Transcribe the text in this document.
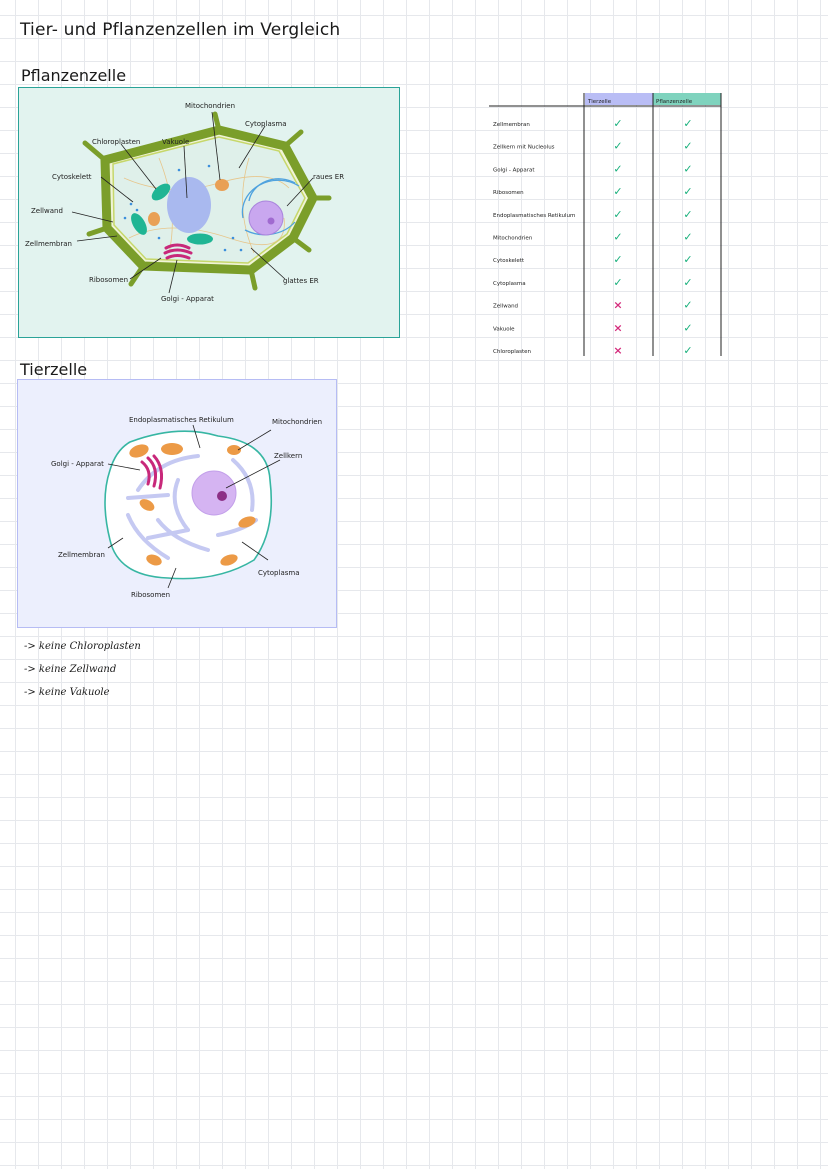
Tier- und Pflanzenzellen im Vergleich
Pflanzenzelle
Mitochondrien
Cytoplasma
Chloroplasten	Vakuole
Cytoskelett	raues ER
Zellwand
Zellmembran
Ribosomen
Golgi - Apparat
glattes ER
Tierzelle
Endoplasmatisches Retikulum	Mitochondrien
Zellkern
Golgi - Apparat
Zellmembran
Cytoplasma
Ribosomen
Tierzelle	Pflanzenzelle
Zellmembran	✓	✓
Zellkern mit Nucleolus	✓	✓
Golgi - Apparat	✓	✓
Ribosomen	✓	✓
Endoplasmatisches Retikulum	✓	✓
Mitochondrien	✓	✓
Cytoskelett	✓	✓
Cytoplasma	✓	✓
Zellwand	×	✓
Vakuole	×	✓
Chloroplasten	×	✓
-> keine Chloroplasten
-> keine Zellwand
-> keine Vakuole
